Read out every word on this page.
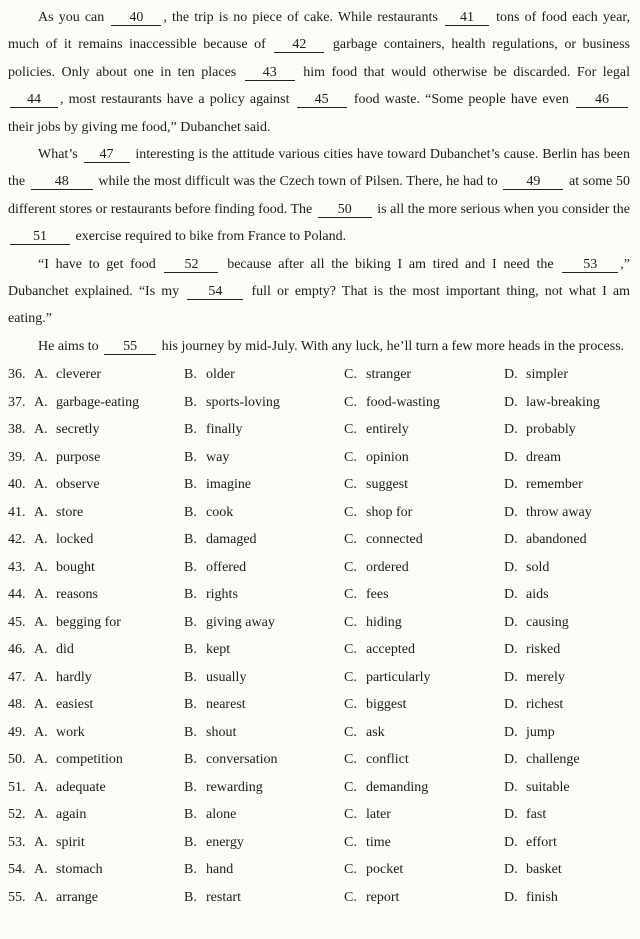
As you can 40 , the trip is no piece of cake. While restaurants 41 tons of food each year, much of it remains inaccessible because of 42 garbage containers, health regulations, or business policies. Only about one in ten places 43 him food that would otherwise be discarded. For legal 44 , most restaurants have a policy against 45 food waste. “Some people have even 46 their jobs by giving me food,” Dubanchet said.

What’s 47 interesting is the attitude various cities have toward Dubanchet’s cause. Berlin has been the 48 while the most difficult was the Czech town of Pilsen. There, he had to 49 at some 50 different stores or restaurants before finding food. The 50 is all the more serious when you consider the 51 exercise required to bike from France to Poland.

“I have to get food 52 because after all the biking I am tired and I need the 53 ,” Dubanchet explained. “Is my 54 full or empty? That is the most important thing, not what I am eating.”

He aims to 55 his journey by mid-July. With any luck, he’ll turn a few more heads in the process.

36. A. cleverer	B. older	C. stranger	D. simpler
37. A. garbage-eating	B. sports-loving	C. food-wasting	D. law-breaking
38. A. secretly	B. finally	C. entirely	D. probably
39. A. purpose	B. way	C. opinion	D. dream
40. A. observe	B. imagine	C. suggest	D. remember
41. A. store	B. cook	C. shop for	D. throw away
42. A. locked	B. damaged	C. connected	D. abandoned
43. A. bought	B. offered	C. ordered	D. sold
44. A. reasons	B. rights	C. fees	D. aids
45. A. begging for	B. giving away	C. hiding	D. causing
46. A. did	B. kept	C. accepted	D. risked
47. A. hardly	B. usually	C. particularly	D. merely
48. A. easiest	B. nearest	C. biggest	D. richest
49. A. work	B. shout	C. ask	D. jump
50. A. competition	B. conversation	C. conflict	D. challenge
51. A. adequate	B. rewarding	C. demanding	D. suitable
52. A. again	B. alone	C. later	D. fast
53. A. spirit	B. energy	C. time	D. effort
54. A. stomach	B. hand	C. pocket	D. basket
55. A. arrange	B. restart	C. report	D. finish
